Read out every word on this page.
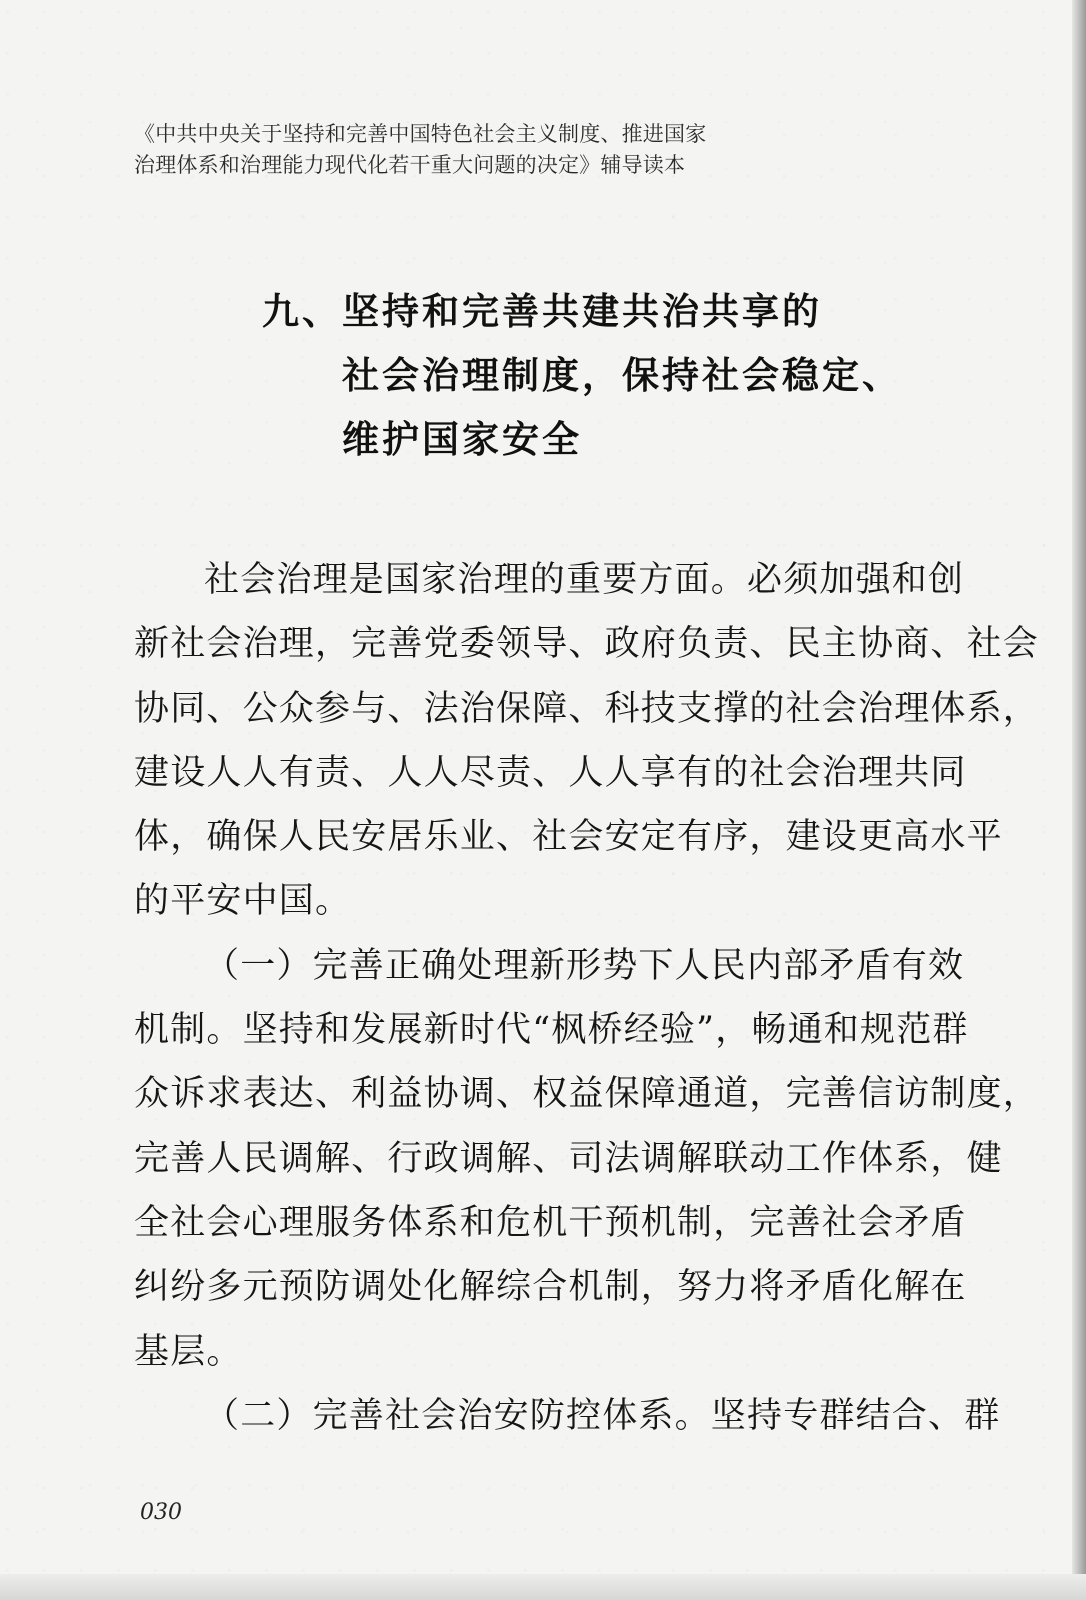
《中共中央关于坚持和完善中国特色社会主义制度、推进国家
治理体系和治理能力现代化若干重大问题的决定》辅导读本
九、坚持和完善共建共治共享的
社会治理制度，保持社会稳定、
维护国家安全
社会治理是国家治理的重要方面。必须加强和创
新社会治理，完善党委领导、政府负责、民主协商、社会
协同、公众参与、法治保障、科技支撑的社会治理体系，
建设人人有责、人人尽责、人人享有的社会治理共同
体，确保人民安居乐业、社会安定有序，建设更高水平
的平安中国。
（一）完善正确处理新形势下人民内部矛盾有效
机制。坚持和发展新时代“枫桥经验”，畅通和规范群
众诉求表达、利益协调、权益保障通道，完善信访制度，
完善人民调解、行政调解、司法调解联动工作体系，健
全社会心理服务体系和危机干预机制，完善社会矛盾
纠纷多元预防调处化解综合机制，努力将矛盾化解在
基层。
（二）完善社会治安防控体系。坚持专群结合、群
030
